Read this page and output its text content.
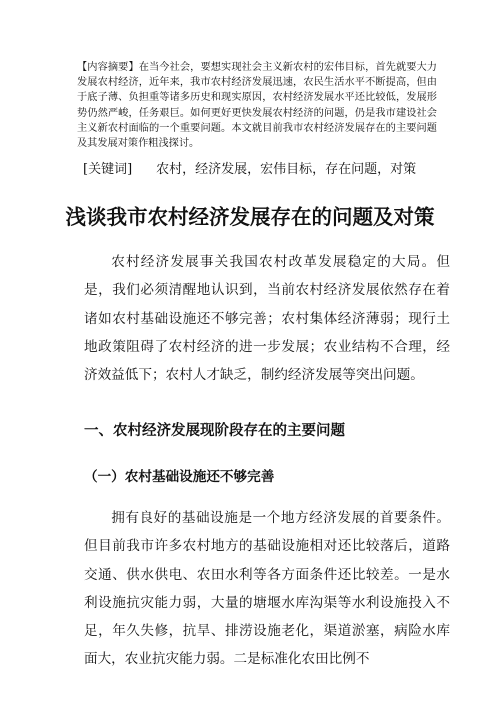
【内容摘要】在当今社会，要想实现社会主义新农村的宏伟目标，首先就要大力发展农村经济，近年来，我市农村经济发展迅速，农民生活水平不断提高，但由于底子薄、负担重等诸多历史和现实原因，农村经济发展水平还比较低，发展形势仍然严峻，任务艰巨。如何更好更快发展农村经济的问题，仍是我市建设社会主义新农村面临的一个重要问题。本文就目前我市农村经济发展存在的主要问题及其发展对策作粗浅探讨。

[关键词] 农村，经济发展，宏伟目标，存在问题，对策

浅谈我市农村经济发展存在的问题及对策

农村经济发展事关我国农村改革发展稳定的大局。但是，我们必须清醒地认识到，当前农村经济发展依然存在着诸如农村基础设施还不够完善；农村集体经济薄弱；现行土地政策阻碍了农村经济的进一步发展；农业结构不合理，经济效益低下；农村人才缺乏，制约经济发展等突出问题。

一、农村经济发展现阶段存在的主要问题
（一）农村基础设施还不够完善

拥有良好的基础设施是一个地方经济发展的首要条件。但目前我市许多农村地方的基础设施相对还比较落后，道路交通、供水供电、农田水利等各方面条件还比较差。一是水利设施抗灾能力弱，大量的塘堰水库沟渠等水利设施投入不足，年久失修，抗旱、排涝设施老化，渠道淤塞，病险水库面大，农业抗灾能力弱。二是标准化农田比例不
